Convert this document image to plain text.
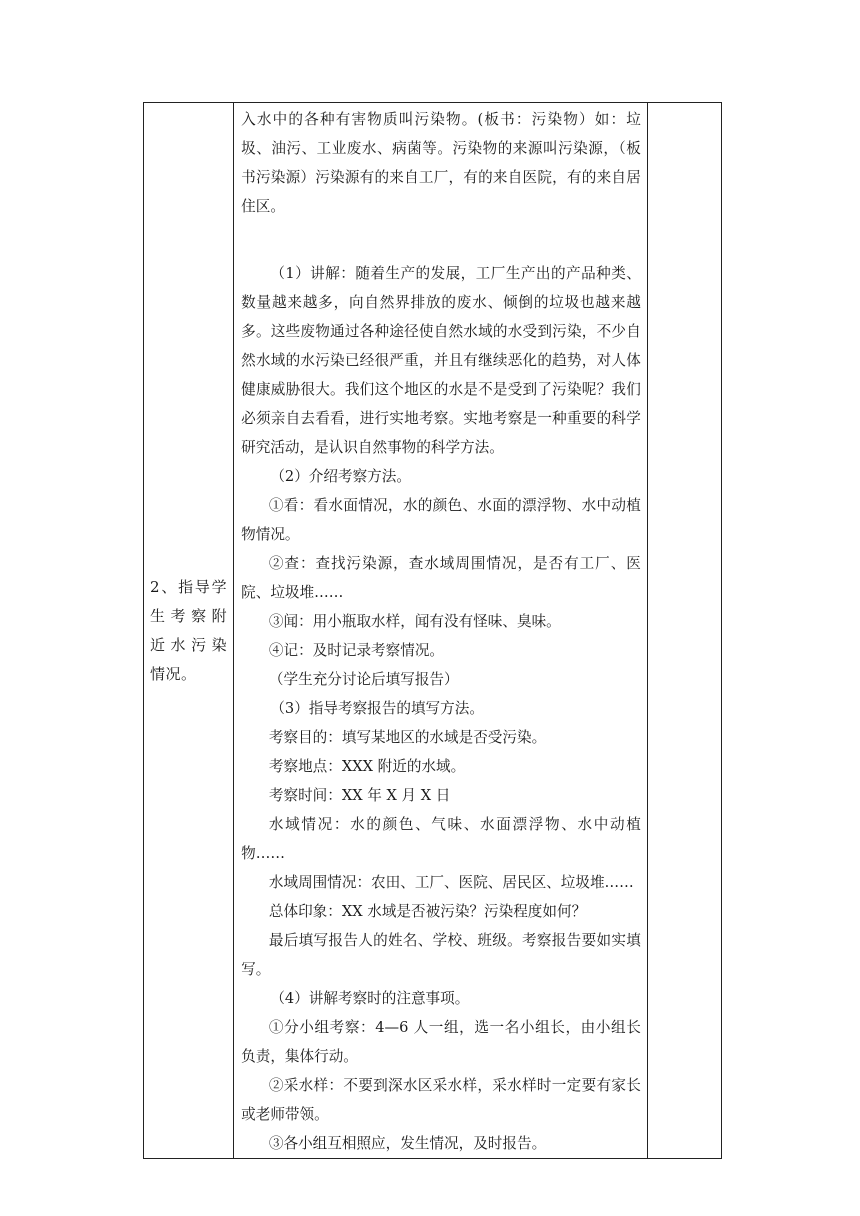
2、指导学生考察附近水污染情况。

入水中的各种有害物质叫污染物。(板书：污染物）如：垃圾、油污、工业废水、病菌等。污染物的来源叫污染源，（板书污染源）污染源有的来自工厂，有的来自医院，有的来自居住区。

（1）讲解：随着生产的发展，工厂生产出的产品种类、数量越来越多，向自然界排放的废水、倾倒的垃圾也越来越多。这些废物通过各种途径使自然水域的水受到污染，不少自然水域的水污染已经很严重，并且有继续恶化的趋势，对人体健康威胁很大。我们这个地区的水是不是受到了污染呢？我们必须亲自去看看，进行实地考察。实地考察是一种重要的科学研究活动，是认识自然事物的科学方法。

（2）介绍考察方法。

①看：看水面情况，水的颜色、水面的漂浮物、水中动植物情况。

②查：查找污染源，查水域周围情况，是否有工厂、医院、垃圾堆……

③闻：用小瓶取水样，闻有没有怪味、臭味。

④记：及时记录考察情况。

（学生充分讨论后填写报告）

（3）指导考察报告的填写方法。

考察目的：填写某地区的水域是否受污染。

考察地点：XXX 附近的水域。

考察时间：XX 年 X 月 X 日

水域情况：水的颜色、气味、水面漂浮物、水中动植物……

水域周围情况：农田、工厂、医院、居民区、垃圾堆……

总体印象：XX 水域是否被污染？污染程度如何？

最后填写报告人的姓名、学校、班级。考察报告要如实填写。

（4）讲解考察时的注意事项。

①分小组考察：4—6 人一组，选一名小组长，由小组长负责，集体行动。

②采水样：不要到深水区采水样，采水样时一定要有家长或老师带领。

③各小组互相照应，发生情况，及时报告。
